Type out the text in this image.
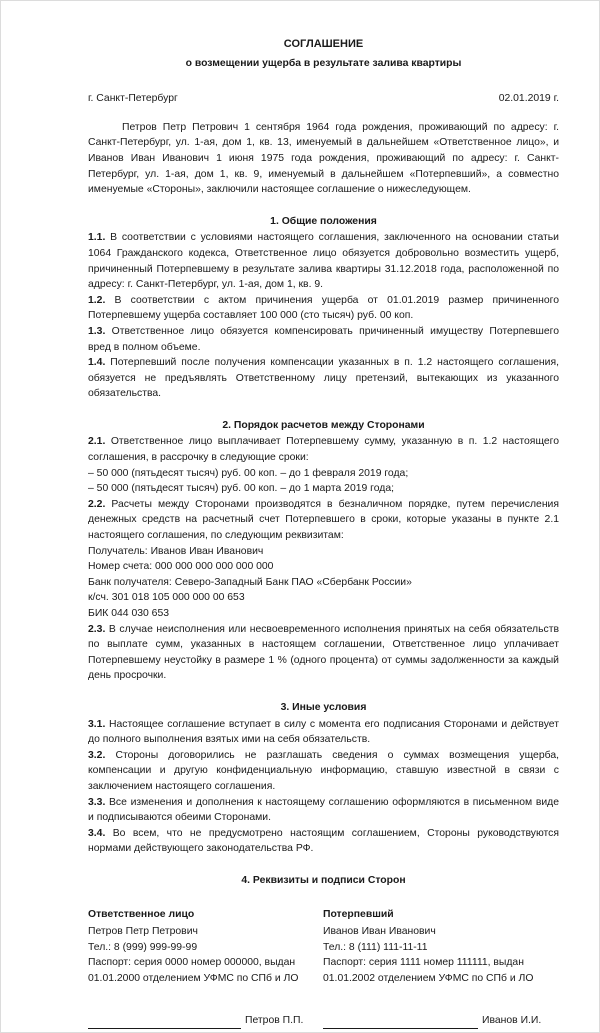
СОГЛАШЕНИЕ

о возмещении ущерба в результате залива квартиры

г. Санкт-Петербург	02.01.2019 г.

Петров Петр Петрович 1 сентября 1964 года рождения, проживающий по адресу: г. Санкт-Петербург, ул. 1-ая, дом 1, кв. 13, именуемый в дальнейшем «Ответственное лицо», и Иванов Иван Иванович 1 июня 1975 года рождения, проживающий по адресу: г. Санкт-Петербург, ул. 1-ая, дом 1, кв. 9, именуемый в дальнейшем «Потерпевший», а совместно именуемые «Стороны», заключили настоящее соглашение о нижеследующем.

1. Общие положения

1.1. В соответствии с условиями настоящего соглашения, заключенного на основании статьи 1064 Гражданского кодекса, Ответственное лицо обязуется добровольно возместить ущерб, причиненный Потерпевшему в результате залива квартиры 31.12.2018 года, расположенной по адресу: г. Санкт-Петербург, ул. 1-ая, дом 1, кв. 9.

1.2. В соответствии с актом причинения ущерба от 01.01.2019 размер причиненного Потерпевшему ущерба составляет 100 000 (сто тысяч) руб. 00 коп.

1.3. Ответственное лицо обязуется компенсировать причиненный имуществу Потерпевшего вред в полном объеме.

1.4. Потерпевший после получения компенсации указанных в п. 1.2 настоящего соглашения, обязуется не предъявлять Ответственному лицу претензий, вытекающих из указанного обязательства.

2. Порядок расчетов между Сторонами

2.1. Ответственное лицо выплачивает Потерпевшему сумму, указанную в п. 1.2 настоящего соглашения, в рассрочку в следующие сроки:

– 50 000 (пятьдесят тысяч) руб. 00 коп. – до 1 февраля 2019 года;

– 50 000 (пятьдесят тысяч) руб. 00 коп. – до 1 марта 2019 года;

2.2. Расчеты между Сторонами производятся в безналичном порядке, путем перечисления денежных средств на расчетный счет Потерпевшего в сроки, которые указаны в пункте 2.1 настоящего соглашения, по следующим реквизитам:

Получатель: Иванов Иван Иванович

Номер счета: 000 000 000 000 000 000

Банк получателя: Северо-Западный Банк ПАО «Сбербанк России»

к/сч. 301 018 105 000 000 00 653

БИК 044 030 653

2.3. В случае неисполнения или несвоевременного исполнения принятых на себя обязательств по выплате сумм, указанных в настоящем соглашении, Ответственное лицо уплачивает Потерпевшему неустойку в размере 1 % (одного процента) от суммы задолженности за каждый день просрочки.

3. Иные условия

3.1. Настоящее соглашение вступает в силу с момента его подписания Сторонами и действует до полного выполнения взятых ими на себя обязательств.

3.2. Стороны договорились не разглашать сведения о суммах возмещения ущерба, компенсации и другую конфиденциальную информацию, ставшую известной в связи с заключением настоящего соглашения.

3.3. Все изменения и дополнения к настоящему соглашению оформляются в письменном виде и подписываются обеими Сторонами.

3.4. Во всем, что не предусмотрено настоящим соглашением, Стороны руководствуются нормами действующего законодательства РФ.

4. Реквизиты и подписи Сторон
Ответственное лицо

Петров Петр Петрович

Тел.: 8 (999) 999-99-99

Паспорт: серия 0000 номер 000000, выдан 01.01.2000 отделением УФМС по СПб и ЛО

Потерпевший

Иванов Иван Иванович

Тел.: 8 (111) 111-11-11

Паспорт: серия 1111 номер 111111, выдан 01.01.2002 отделением УФМС по СПб и ЛО

Петров П.П.	Иванов И.И.
